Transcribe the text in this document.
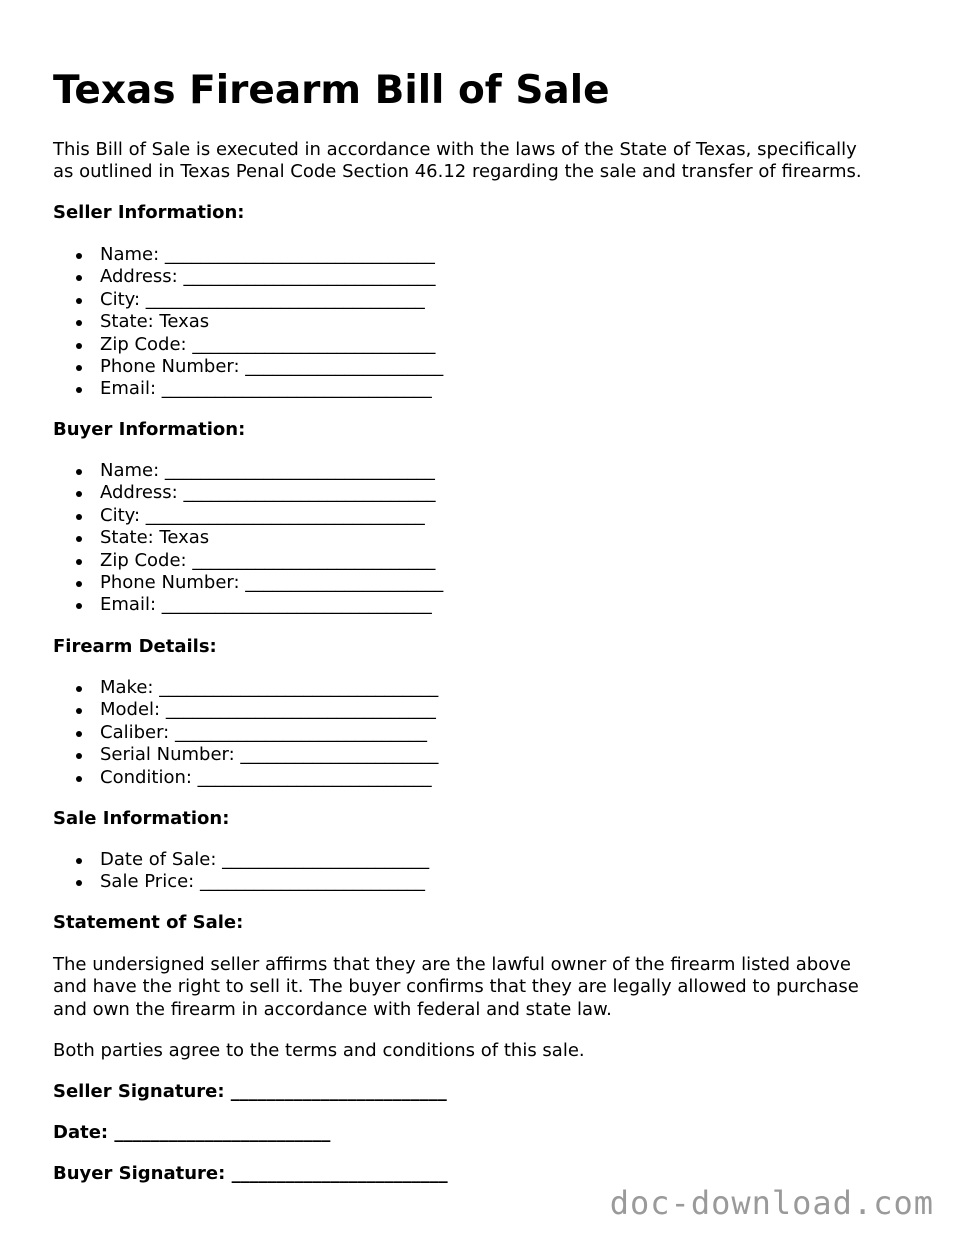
Texas Firearm Bill of Sale
This Bill of Sale is executed in accordance with the laws of the State of Texas, specifically
as outlined in Texas Penal Code Section 46.12 regarding the sale and transfer of firearms.
Seller Information:
Name: ______________________________
Address: ____________________________
City: _______________________________
State: Texas
Zip Code: ___________________________
Phone Number: ______________________
Email: ______________________________
Buyer Information:
Name: ______________________________
Address: ____________________________
City: _______________________________
State: Texas
Zip Code: ___________________________
Phone Number: ______________________
Email: ______________________________
Firearm Details:
Make: _______________________________
Model: ______________________________
Caliber: ____________________________
Serial Number: ______________________
Condition: __________________________
Sale Information:
Date of Sale: _______________________
Sale Price: _________________________
Statement of Sale:
The undersigned seller affirms that they are the lawful owner of the firearm listed above
and have the right to sell it. The buyer confirms that they are legally allowed to purchase
and own the firearm in accordance with federal and state law.
Both parties agree to the terms and conditions of this sale.
Seller Signature: ________________________
Date: ________________________
Buyer Signature: ________________________
doc-download.com
